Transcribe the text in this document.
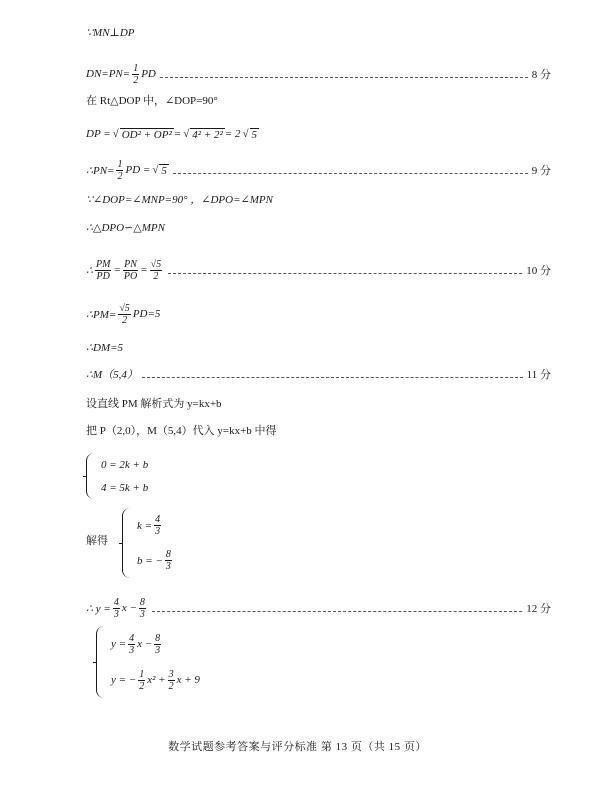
∵MN⊥DP
$DN=PN= \frac{1}{2}$ PD	8 分
在 Rt△DOP 中，∠DOP=90°
DP = √ OD² + OP² = √ 4² + 2² = 2 √ 5
∴PN= $\frac{1}{2}$ PD = √ 5	9 分
∵∠DOP=∠MNP=90° ，∠DPO=∠MPN
∴△DPO∽△MPN
∴ $\frac{PM}{PD} = \frac{PN}{PO} = \frac{√5}{2}$	10 分
∴PM= $\frac{√5}{2} PD=5$
∴DM=5
∴M（5,4）	11 分
设直线 PM 解析式为 y=kx+b
把 P（2,0），M（5,4）代入 y=kx+b 中得
0 = 2k + b
4 = 5k + b
解得
$k = \frac{4}{3}$
b = − $\frac{8}{3}$
∴ $y = \frac{4}{3}$ $x - \frac{8}{3}$	12 分
$y = \frac{4}{3}$ $x - \frac{8}{3}$
y = − $\frac{1}{2} x^2 + \frac{3}{2}$ x + 9
数学试题参考答案与评分标准 第 13 页（共 15 页）
